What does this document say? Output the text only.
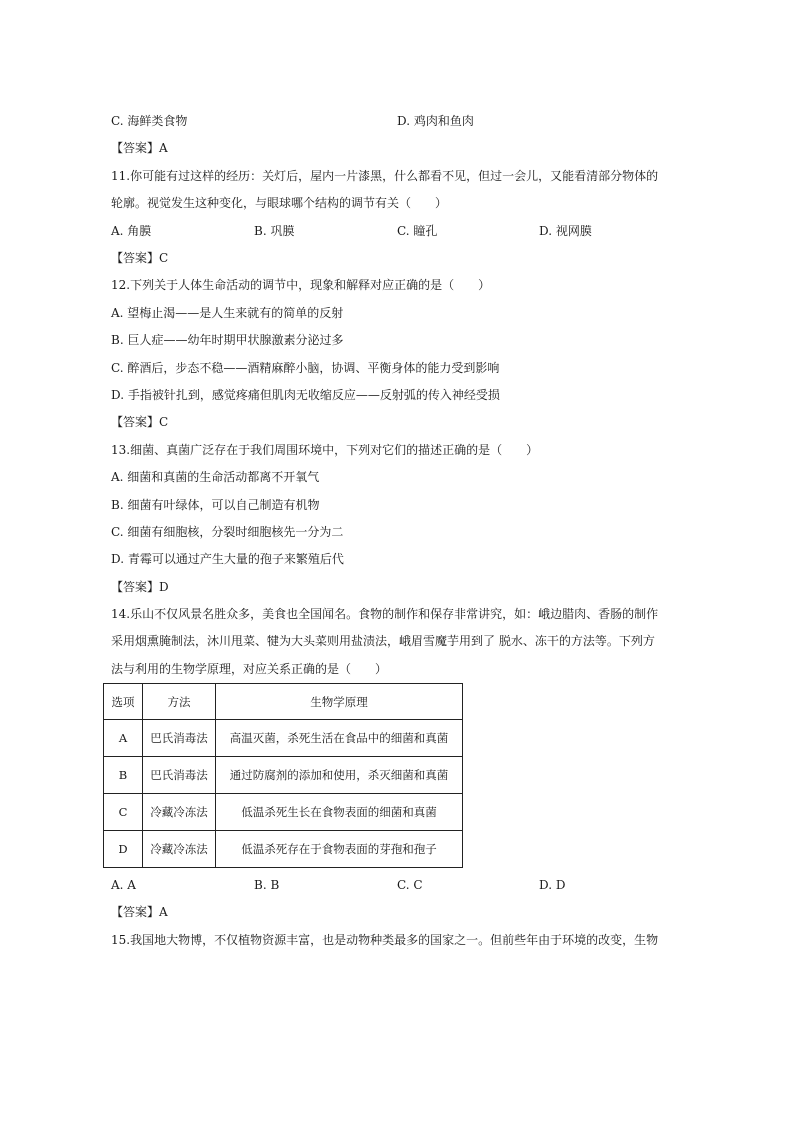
C. 海鲜类食物	D. 鸡肉和鱼肉
【答案】A
11.你可能有过这样的经历：关灯后，屋内一片漆黑，什么都看不见，但过一会儿，又能看清部分物体的
轮廓。视觉发生这种变化，与眼球哪个结构的调节有关（　　）
A. 角膜	B. 巩膜	C. 瞳孔	D. 视网膜
【答案】C
12.下列关于人体生命活动的调节中，现象和解释对应正确的是（　　）
A. 望梅止渴——是人生来就有的简单的反射
B. 巨人症——幼年时期甲状腺激素分泌过多
C. 醉酒后，步态不稳——酒精麻醉小脑，协调、平衡身体的能力受到影响
D. 手指被针扎到，感觉疼痛但肌肉无收缩反应——反射弧的传入神经受损
【答案】C
13.细菌、真菌广泛存在于我们周围环境中，下列对它们的描述正确的是（　　）
A. 细菌和真菌的生命活动都离不开氧气
B. 细菌有叶绿体，可以自己制造有机物
C. 细菌有细胞核，分裂时细胞核先一分为二
D. 青霉可以通过产生大量的孢子来繁殖后代
【答案】D
14.乐山不仅风景名胜众多，美食也全国闻名。食物的制作和保存非常讲究，如：峨边腊肉、香肠的制作
采用烟熏腌制法，沐川甩菜、犍为大头菜则用盐渍法，峨眉雪魔芋用到了 脱水、冻干的方法等。下列方
法与利用的生物学原理，对应关系正确的是（　　）
选项	方法	生物学原理
A	巴氏消毒法	高温灭菌，杀死生活在食品中的细菌和真菌
B	巴氏消毒法	通过防腐剂的添加和使用，杀灭细菌和真菌
C	冷藏冷冻法	低温杀死生长在食物表面的细菌和真菌
D	冷藏冷冻法	低温杀死存在于食物表面的芽孢和孢子
A. A	B. B	C. C	D. D
【答案】A
15.我国地大物博，不仅植物资源丰富，也是动物种类最多的国家之一。但前些年由于环境的改变，生物
